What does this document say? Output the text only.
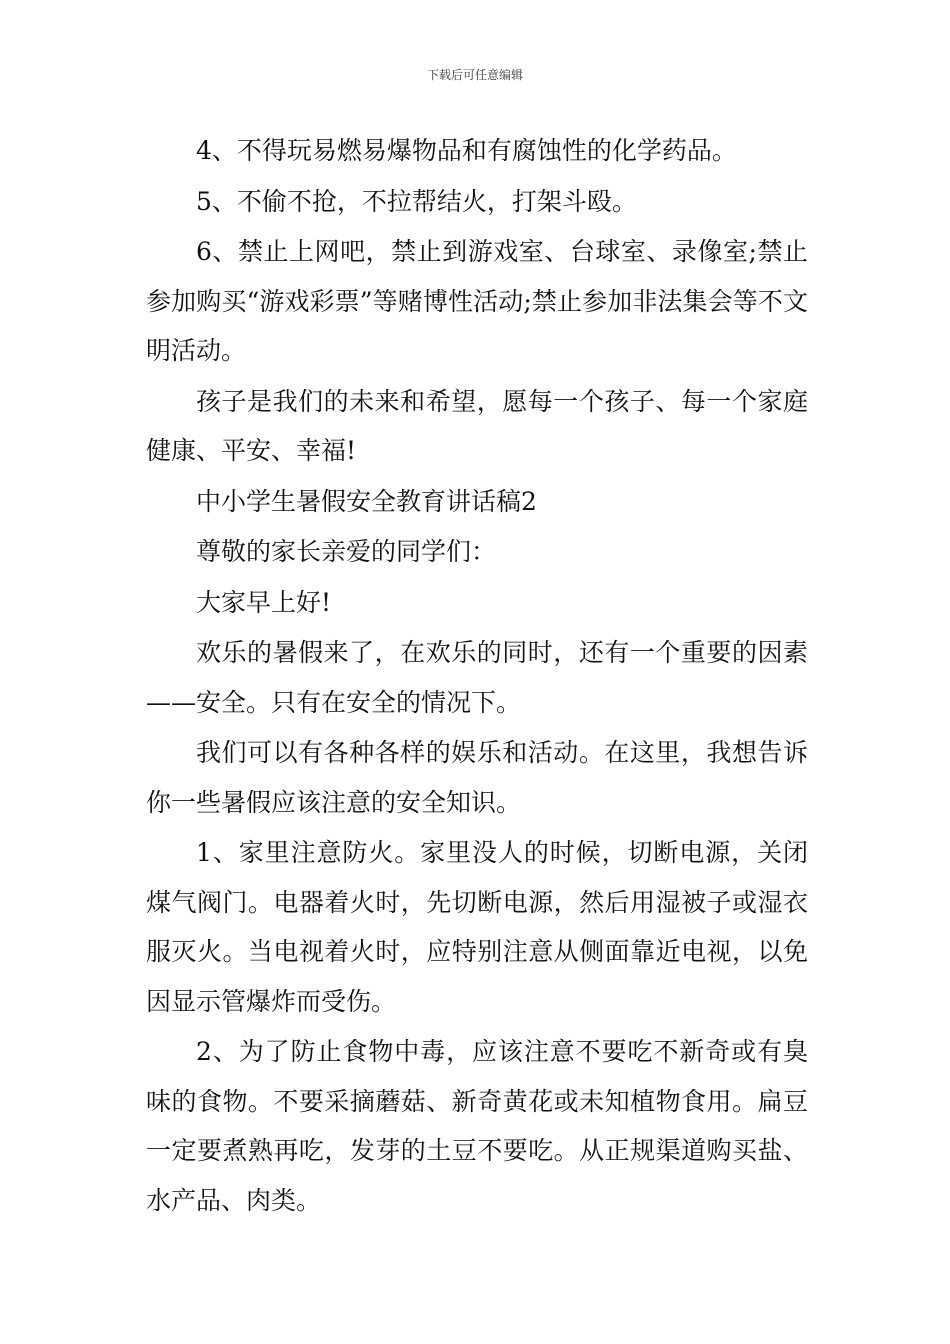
下载后可任意编辑

4、不得玩易燃易爆物品和有腐蚀性的化学药品。

5、不偷不抢，不拉帮结火，打架斗殴。

6、禁止上网吧，禁止到游戏室、台球室、录像室;禁止参加购买“游戏彩票”等赌博性活动;禁止参加非法集会等不文明活动。

孩子是我们的未来和希望，愿每一个孩子、每一个家庭健康、平安、幸福!

中小学生暑假安全教育讲话稿2

尊敬的家长亲爱的同学们：

大家早上好!

欢乐的暑假来了，在欢乐的同时，还有一个重要的因素——安全。只有在安全的情况下。

我们可以有各种各样的娱乐和活动。在这里，我想告诉你一些暑假应该注意的安全知识。

1、家里注意防火。家里没人的时候，切断电源，关闭煤气阀门。电器着火时，先切断电源，然后用湿被子或湿衣服灭火。当电视着火时，应特别注意从侧面靠近电视，以免因显示管爆炸而受伤。

2、为了防止食物中毒，应该注意不要吃不新奇或有臭味的食物。不要采摘蘑菇、新奇黄花或未知植物食用。扁豆一定要煮熟再吃，发芽的土豆不要吃。从正规渠道购买盐、水产品、肉类。
